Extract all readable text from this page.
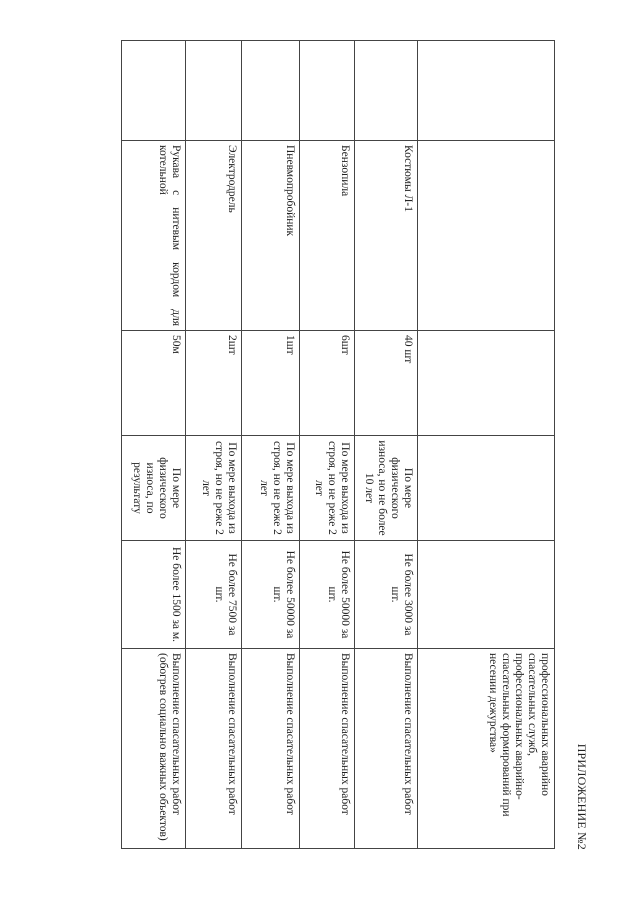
					профессиональных аварийно спасательных служб, профессиональных аварийно-спасательных формирований при несении дежурства»
	Костюмы Л-1	40 шт	По мере физического износа, но не более 10 лет	Не более 3000 за шт.	Выполнение спасательных работ
	Бензопила	6шт	По мере выхода из строя, но не реже 2 лет	Не более 50000 за шт.	Выполнение спасательных работ
	Пневмопробойник	1шт	По мере выхода из строя, но не реже 2 лет	Не более 50000 за шт.	Выполнение спасательных работ
	Электродрель	2шт	По мере выхода из строя, но не реже 2 лет	Не более 7500 за шт.	Выполнение спасательных работ
	Рукава с нитевым кордом для котельной	50м	По мере физического износа, по результату	Не более 1500 за м.	Выполнение спасательных работ (обогрев социально важных объектов)	ПРИЛОЖЕНИЕ №2
